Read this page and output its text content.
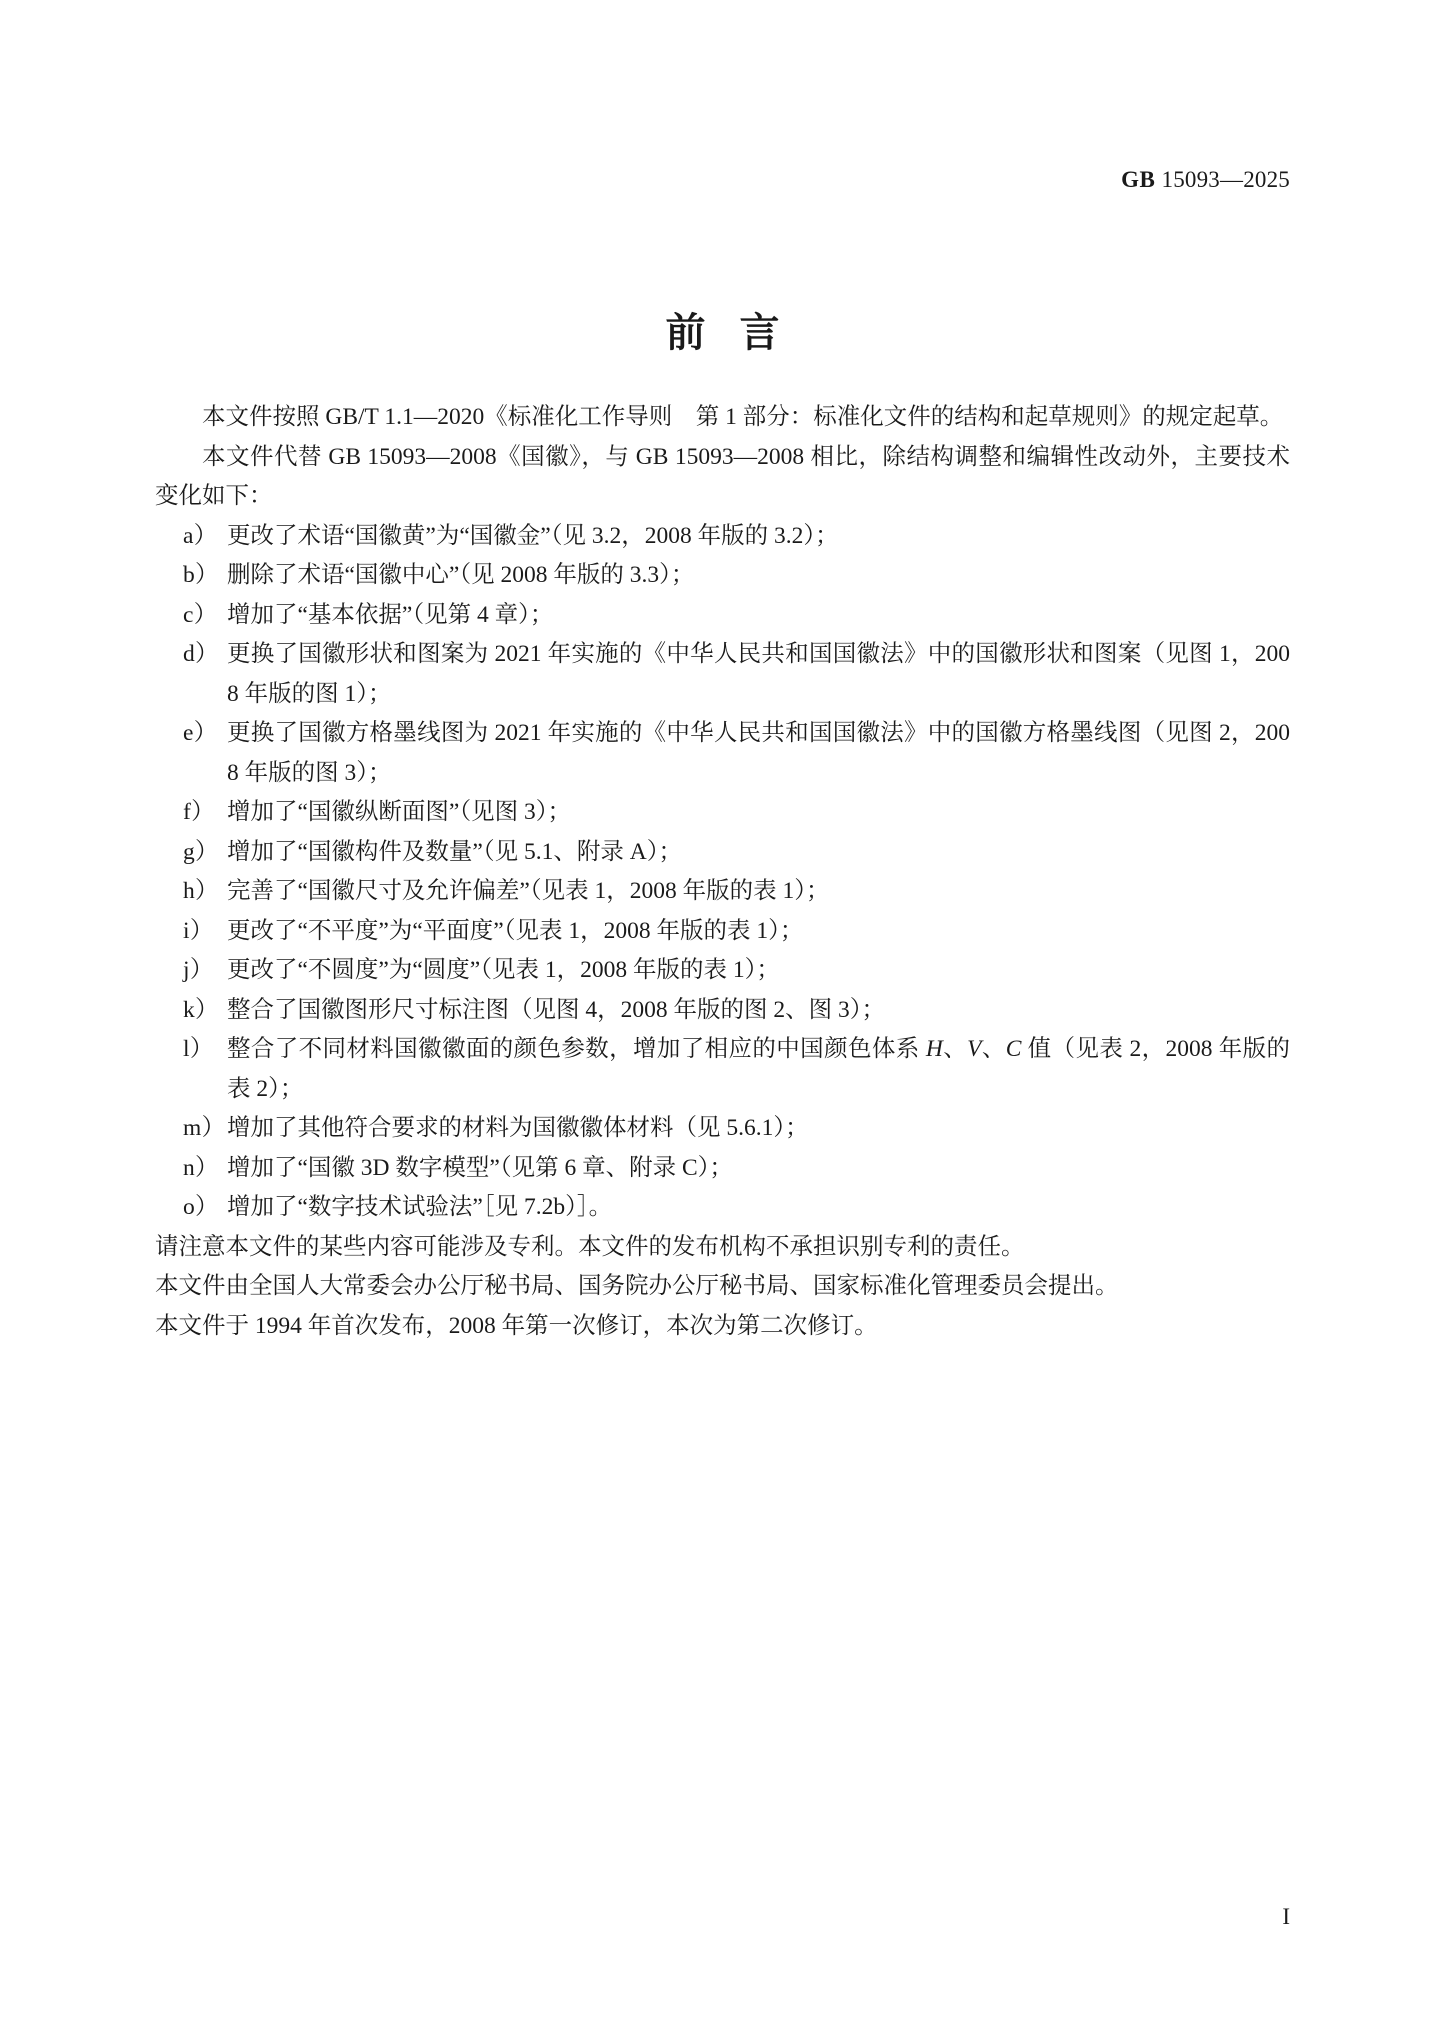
GB 15093—2025
前言

本文件按照 GB/T 1.1—2020《标准化工作导则　第 1 部分：标准化文件的结构和起草规则》的规定起草。

本文件代替 GB 15093—2008《国徽》，与 GB 15093—2008 相比，除结构调整和编辑性改动外，主要技术变化如下：

a） 更改了术语“国徽黄”为“国徽金”（见 3.2，2008 年版的 3.2）；
b） 删除了术语“国徽中心”（见 2008 年版的 3.3）；
c） 增加了“基本依据”（见第 4 章）；
d） 更换了国徽形状和图案为 2021 年实施的《中华人民共和国国徽法》中的国徽形状和图案（见图 1，2008 年版的图 1）；
e） 更换了国徽方格墨线图为 2021 年实施的《中华人民共和国国徽法》中的国徽方格墨线图（见图 2，2008 年版的图 3）；
f） 增加了“国徽纵断面图”（见图 3）；
g） 增加了“国徽构件及数量”（见 5.1、附录 A）；
h） 完善了“国徽尺寸及允许偏差”（见表 1，2008 年版的表 1）；
i） 更改了“不平度”为“平面度”（见表 1，2008 年版的表 1）；
j） 更改了“不圆度”为“圆度”（见表 1，2008 年版的表 1）；
k） 整合了国徽图形尺寸标注图（见图 4，2008 年版的图 2、图 3）；
l） 整合了不同材料国徽徽面的颜色参数，增加了相应的中国颜色体系 H、V、C 值（见表 2，2008 年版的表 2）；
m） 增加了其他符合要求的材料为国徽徽体材料（见 5.6.1）；
n） 增加了“国徽 3D 数字模型”（见第 6 章、附录 C）；
o） 增加了“数字技术试验法”［见 7.2b）］。

请注意本文件的某些内容可能涉及专利。本文件的发布机构不承担识别专利的责任。

本文件由全国人大常委会办公厅秘书局、国务院办公厅秘书局、国家标准化管理委员会提出。

本文件于 1994 年首次发布，2008 年第一次修订，本次为第二次修订。

I
